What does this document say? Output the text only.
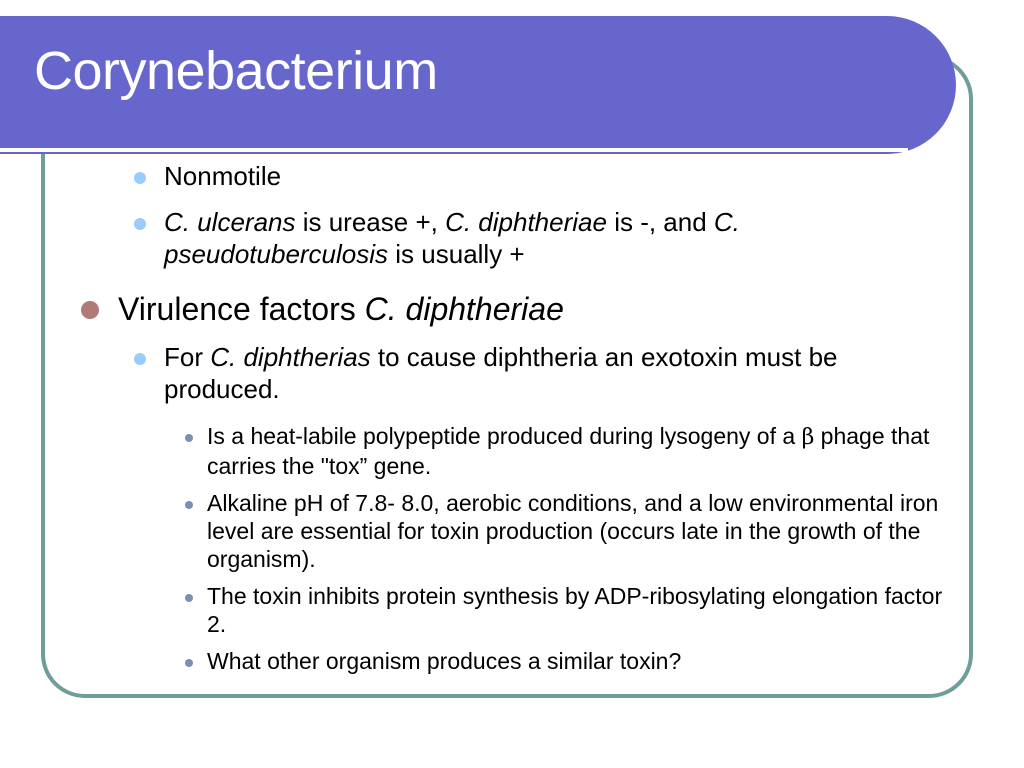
Corynebacterium
Nonmotile
C. ulcerans is urease +, C. diphtheriae is -, and C. pseudotuberculosis is usually +
Virulence factors C. diphtheriae
For C. diphtherias to cause diphtheria an exotoxin must be produced.
Is a heat-labile polypeptide produced during lysogeny of a β phage that carries the "tox” gene.
Alkaline pH of 7.8- 8.0, aerobic conditions, and a low environmental iron level are essential for toxin production (occurs late in the growth of the organism).
The toxin inhibits protein synthesis by ADP-ribosylating elongation factor 2.
What other organism produces a similar toxin?
